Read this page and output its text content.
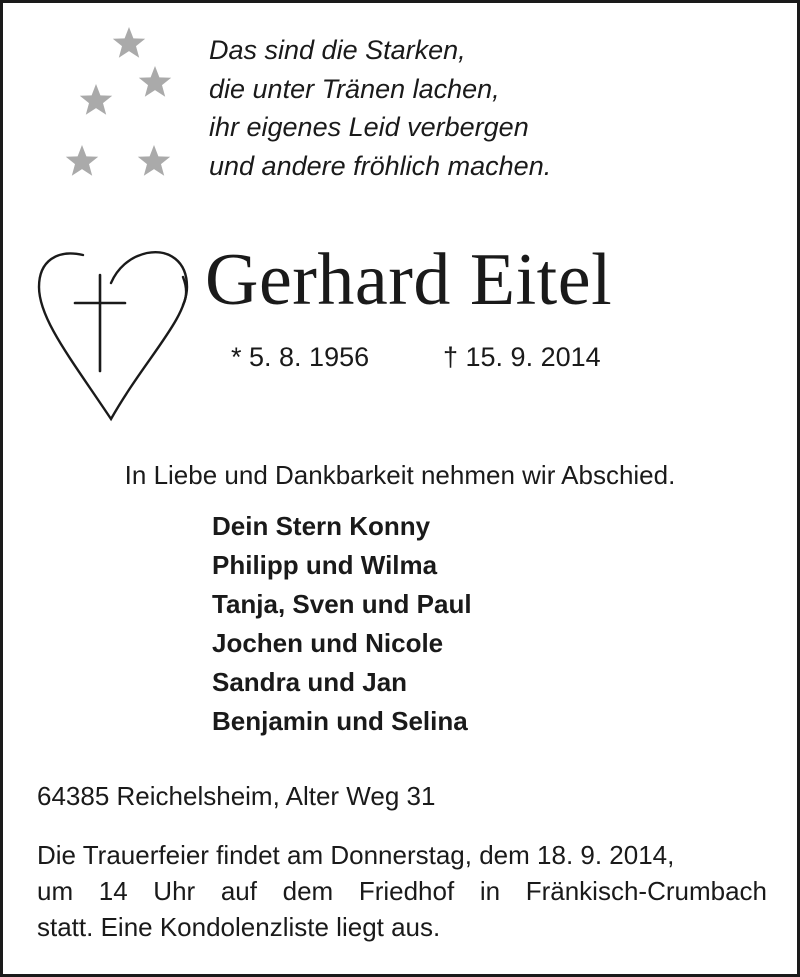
Das sind die Starken,
die unter Tränen lachen,
ihr eigenes Leid verbergen
und andere fröhlich machen.
Gerhard Eitel
* 5. 8. 1956	† 15. 9. 2014
In Liebe und Dankbarkeit nehmen wir Abschied.
Dein Stern Konny
Philipp und Wilma
Tanja, Sven und Paul
Jochen und Nicole
Sandra und Jan
Benjamin und Selina
64385 Reichelsheim, Alter Weg 31
Die Trauerfeier findet am Donnerstag, dem 18. 9. 2014,
um 14 Uhr auf dem Friedhof in Fränkisch-Crumbach
statt. Eine Kondolenzliste liegt aus.
